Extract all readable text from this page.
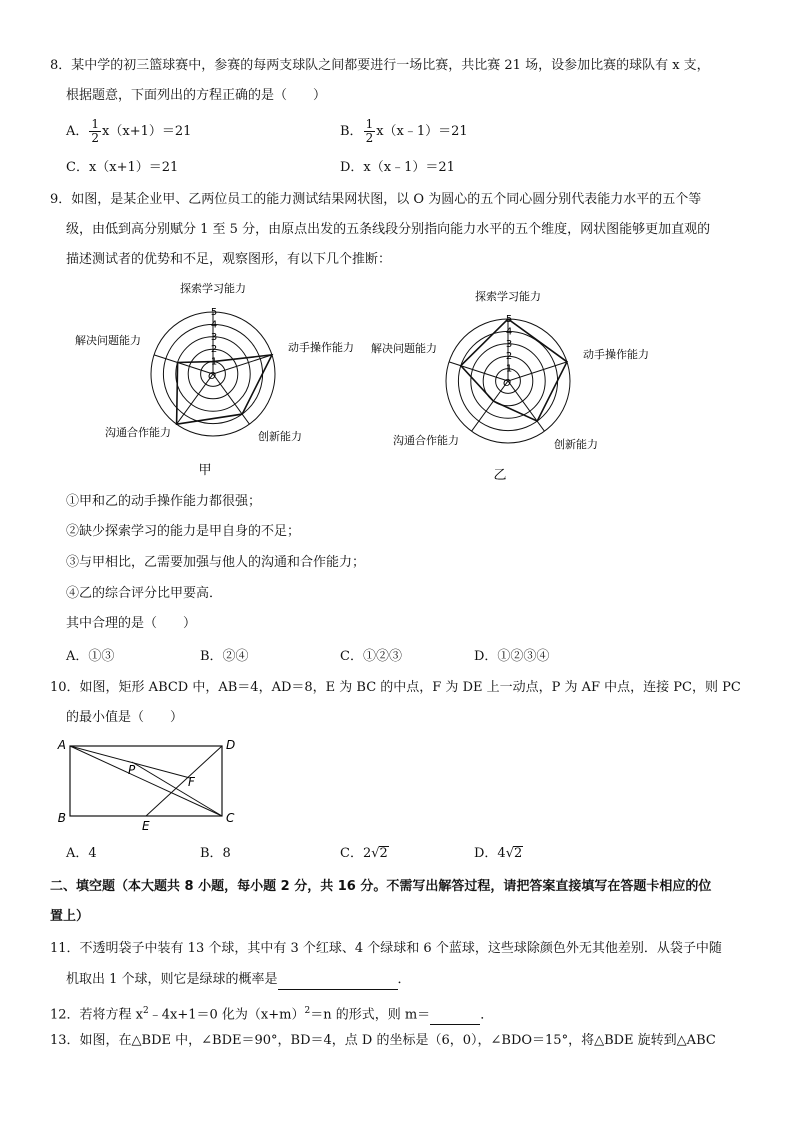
8．某中学的初三篮球赛中，参赛的每两支球队之间都要进行一场比赛，共比赛 21 场，设参加比赛的球队有 x 支，
根据题意，下面列出的方程正确的是（　　）
A． $\frac{1}{2} x(x+1)=21$	B． $\frac{1}{2}$ x（x﹣1）＝21
C．x（x+1）＝21	D．x（x﹣1）＝21
9．如图，是某企业甲、乙两位员工的能力测试结果网状图，以 O 为圆心的五个同心圆分别代表能力水平的五个等
级，由低到高分别赋分 1 至 5 分，由原点出发的五条线段分别指向能力水平的五个维度，网状图能够更加直观的
描述测试者的优势和不足，观察图形，有以下几个推断：
1
2
3
4
5
O
探索学习能力
动手操作能力
创新能力
沟通合作能力
解决问题能力
甲
1
2
3
4
5
O
探索学习能力
动手操作能力
创新能力
沟通合作能力
解决问题能力
乙
①甲和乙的动手操作能力都很强；
②缺少探索学习的能力是甲自身的不足；
③与甲相比，乙需要加强与他人的沟通和合作能力；
④乙的综合评分比甲要高．
其中合理的是（　　）
A．①③	B．②④	C．①②③	D．①②③④
10．如图，矩形 ABCD 中，AB＝4，AD＝8，E 为 BC 的中点，F 为 DE 上一动点，P 为 AF 中点，连接 PC，则 PC
的最小值是（　　）
A	D
P
F
B
E
C
A．4	B．8	C．2√2	D．4√2
二、填空题（本大题共 8 小题，每小题 2 分，共 16 分。不需写出解答过程，请把答案直接填写在答题卡相应的位
置上）
11．不透明袋子中装有 13 个球，其中有 3 个红球、4 个绿球和 6 个蓝球，这些球除颜色外无其他差别．从袋子中随
机取出 1 个球，则它是绿球的概率是	．
12．若将方程 $x^2﹣4x+1=0$ 化为$(x+m)^2=n$ 的形式，则 m＝	．
13．如图，在△BDE 中，∠BDE＝90°，BD＝4，点 D 的坐标是（6，0），∠BDO＝15°，将△BDE 旋转到△ABC
